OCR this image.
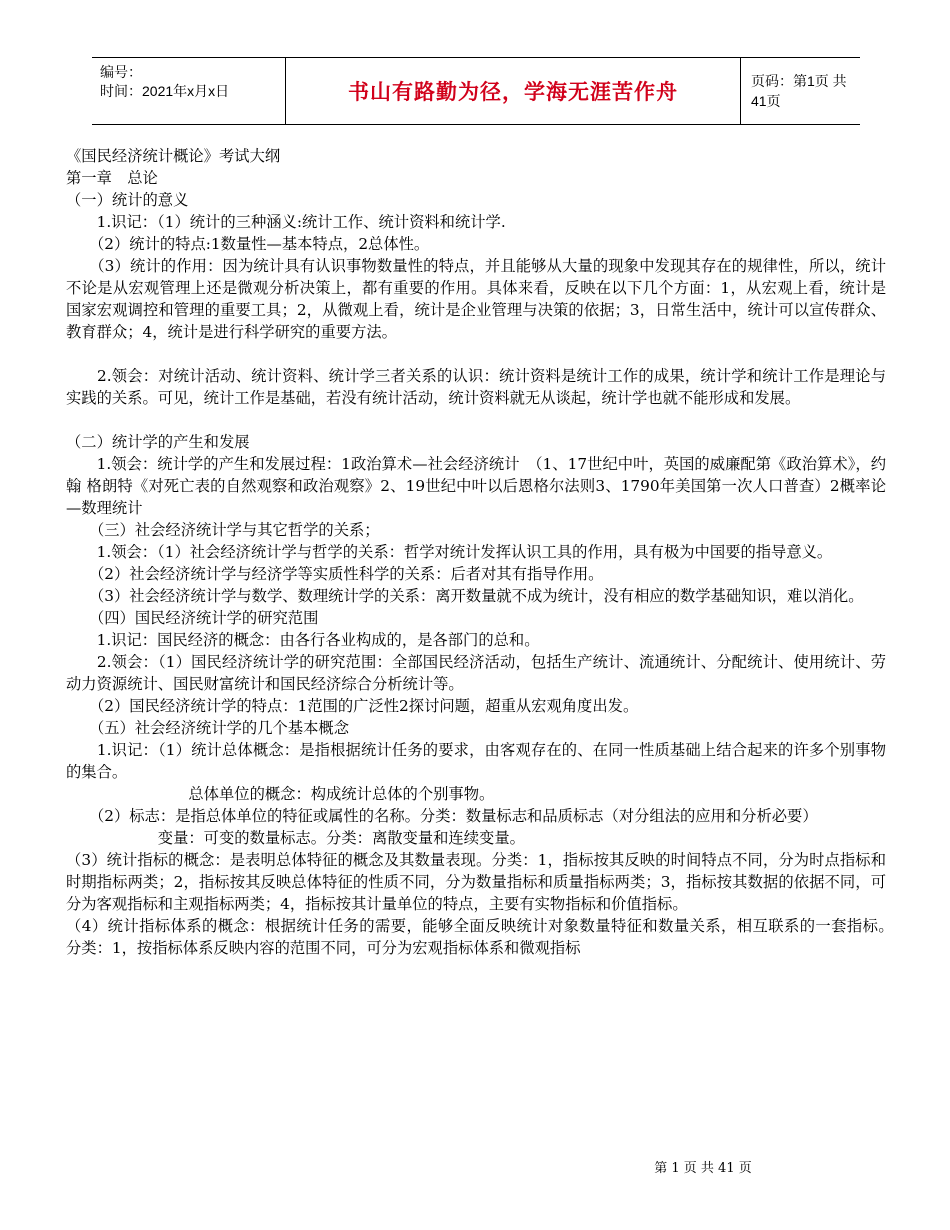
编号：
时间：2021年x月x日	书山有路勤为径，学海无涯苦作舟	页码：第1页 共41页

《国民经济统计概论》考试大纲

第一章　总论

（一）统计的意义

　　1.识记：（1）统计的三种涵义:统计工作、统计资料和统计学.

　　（2）统计的特点:1数量性—基本特点，2总体性。

　　（3）统计的作用：因为统计具有认识事物数量性的特点，并且能够从大量的现象中发现其存在的规律性，所以，统计不论是从宏观管理上还是微观分析决策上，都有重要的作用。具体来看，反映在以下几个方面：1，从宏观上看，统计是国家宏观调控和管理的重要工具；2，从微观上看，统计是企业管理与决策的依据；3，日常生活中，统计可以宣传群众、教育群众；4，统计是进行科学研究的重要方法。

　　2.领会：对统计活动、统计资料、统计学三者关系的认识：统计资料是统计工作的成果，统计学和统计工作是理论与实践的关系。可见，统计工作是基础，若没有统计活动，统计资料就无从谈起，统计学也就不能形成和发展。

（二）统计学的产生和发展

　　1.领会：统计学的产生和发展过程：1政治算术—社会经济统计　（1、17世纪中叶，英国的威廉配第《政治算术》，约翰 格朗特《对死亡表的自然观察和政治观察》2、19世纪中叶以后恩格尔法则3、1790年美国第一次人口普查）2概率论—数理统计

　　（三）社会经济统计学与其它哲学的关系；

　　1.领会：（1）社会经济统计学与哲学的关系：哲学对统计发挥认识工具的作用，具有极为中国要的指导意义。

　　（2）社会经济统计学与经济学等实质性科学的关系：后者对其有指导作用。

　　（3）社会经济统计学与数学、数理统计学的关系：离开数量就不成为统计，没有相应的数学基础知识，难以消化。

　　（四）国民经济统计学的研究范围

　　1.识记：国民经济的概念：由各行各业构成的，是各部门的总和。

　　2.领会：（1）国民经济统计学的研究范围：全部国民经济活动，包括生产统计、流通统计、分配统计、使用统计、劳动力资源统计、国民财富统计和国民经济综合分析统计等。

　　（2）国民经济统计学的特点：1范围的广泛性2探讨问题，超重从宏观角度出发。

　　（五）社会经济统计学的几个基本概念

　　1.识记：（1）统计总体概念：是指根据统计任务的要求，由客观存在的、在同一性质基础上结合起来的许多个别事物的集合。

　　　　　　　　总体单位的概念：构成统计总体的个别事物。

　　（2）标志：是指总体单位的特征或属性的名称。分类：数量标志和品质标志（对分组法的应用和分析必要）

　　　　　　变量：可变的数量标志。分类：离散变量和连续变量。

（3）统计指标的概念：是表明总体特征的概念及其数量表现。分类：1，指标按其反映的时间特点不同，分为时点指标和时期指标两类；2，指标按其反映总体特征的性质不同，分为数量指标和质量指标两类；3，指标按其数据的依据不同，可分为客观指标和主观指标两类；4，指标按其计量单位的特点，主要有实物指标和价值指标。

（4）统计指标体系的概念：根据统计任务的需要，能够全面反映统计对象数量特征和数量关系，相互联系的一套指标。　分类：1，按指标体系反映内容的范围不同，可分为宏观指标体系和微观指标

第 1 页 共 41 页
